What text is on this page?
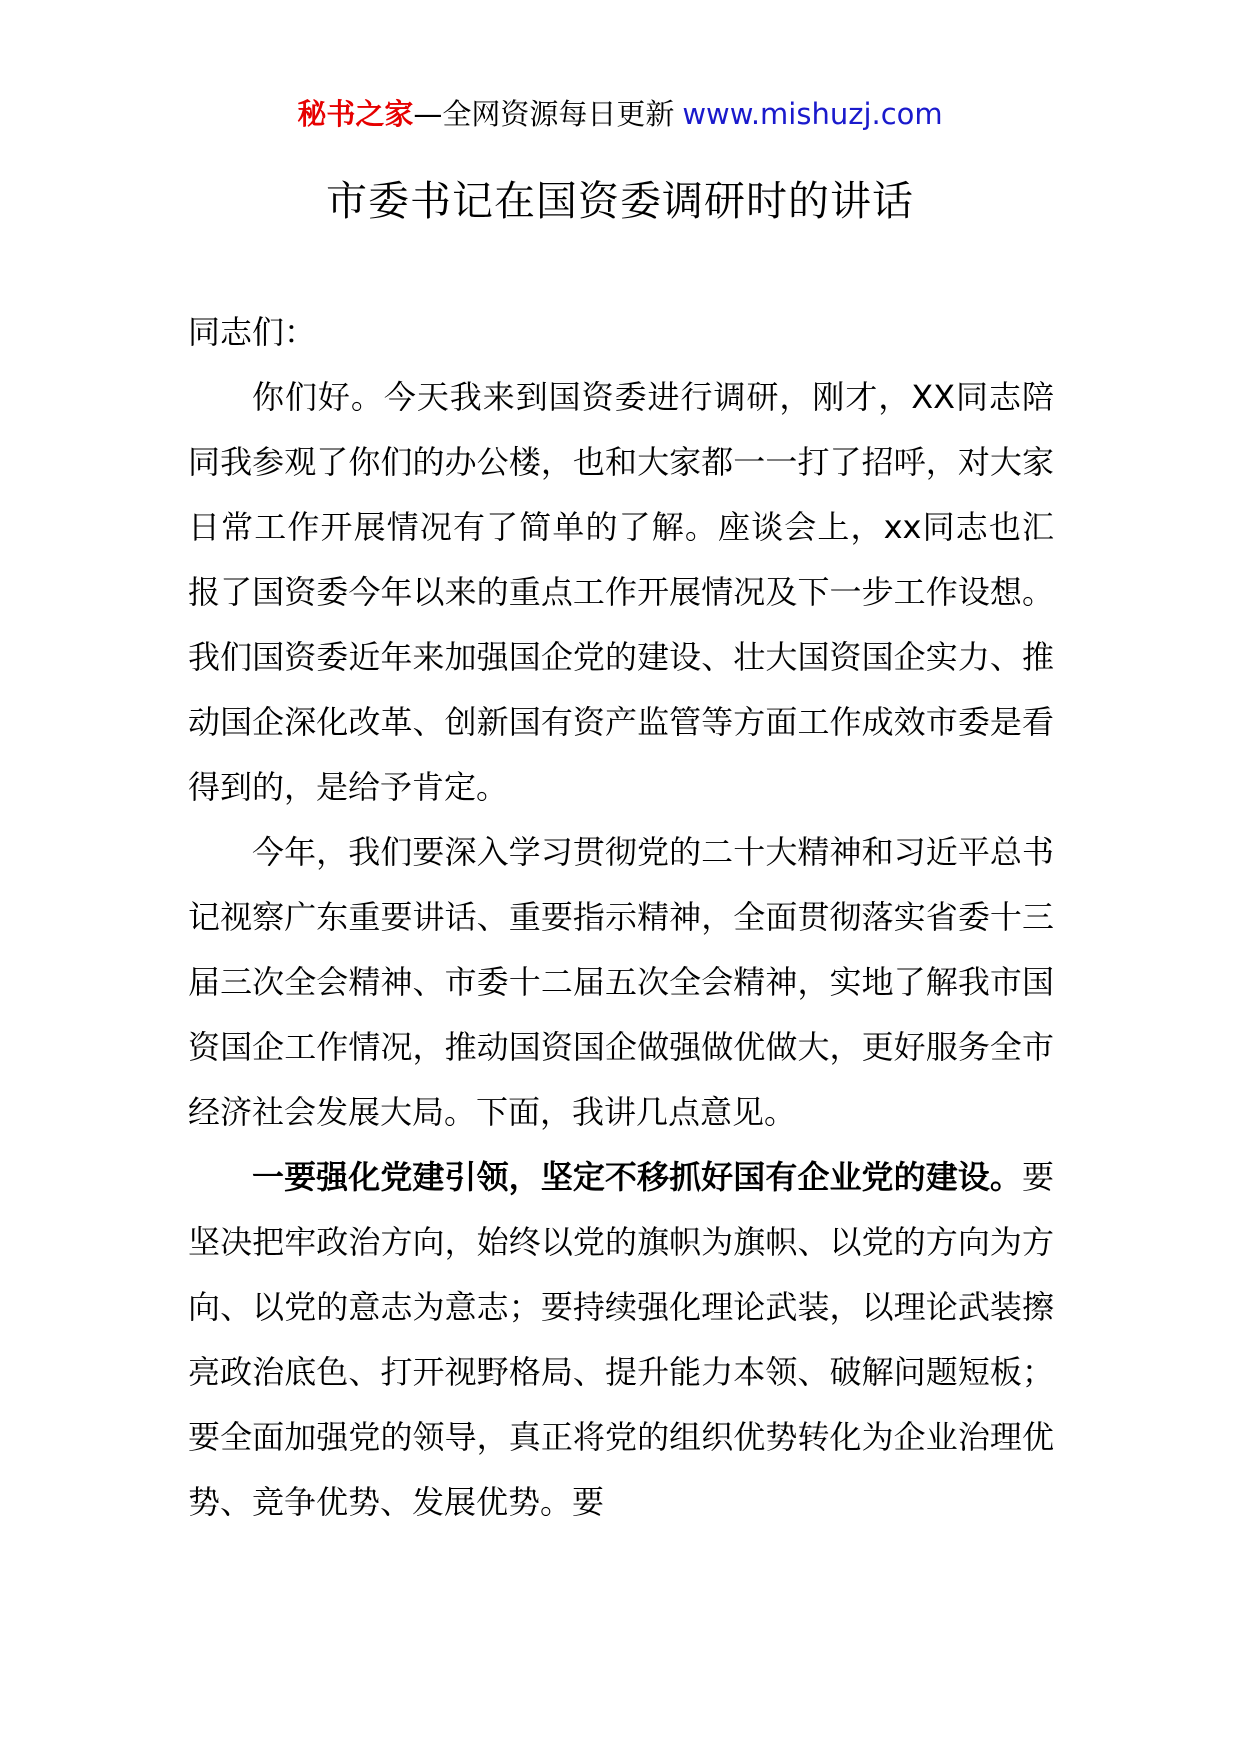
秘书之家—全网资源每日更新 www.mishuzj.com
市委书记在国资委调研时的讲话

同志们：

你们好。今天我来到国资委进行调研，刚才，XX同志陪同我参观了你们的办公楼，也和大家都一一打了招呼，对大家日常工作开展情况有了简单的了解。座谈会上，xx同志也汇报了国资委今年以来的重点工作开展情况及下一步工作设想。我们国资委近年来加强国企党的建设、壮大国资国企实力、推动国企深化改革、创新国有资产监管等方面工作成效市委是看得到的，是给予肯定。

今年，我们要深入学习贯彻党的二十大精神和习近平总书记视察广东重要讲话、重要指示精神，全面贯彻落实省委十三届三次全会精神、市委十二届五次全会精神，实地了解我市国资国企工作情况，推动国资国企做强做优做大，更好服务全市经济社会发展大局。下面，我讲几点意见。

一要强化党建引领，坚定不移抓好国有企业党的建设。要坚决把牢政治方向，始终以党的旗帜为旗帜、以党的方向为方向、以党的意志为意志；要持续强化理论武装，以理论武装擦亮政治底色、打开视野格局、提升能力本领、破解问题短板；要全面加强党的领导，真正将党的组织优势转化为企业治理优势、竞争优势、发展优势。要
